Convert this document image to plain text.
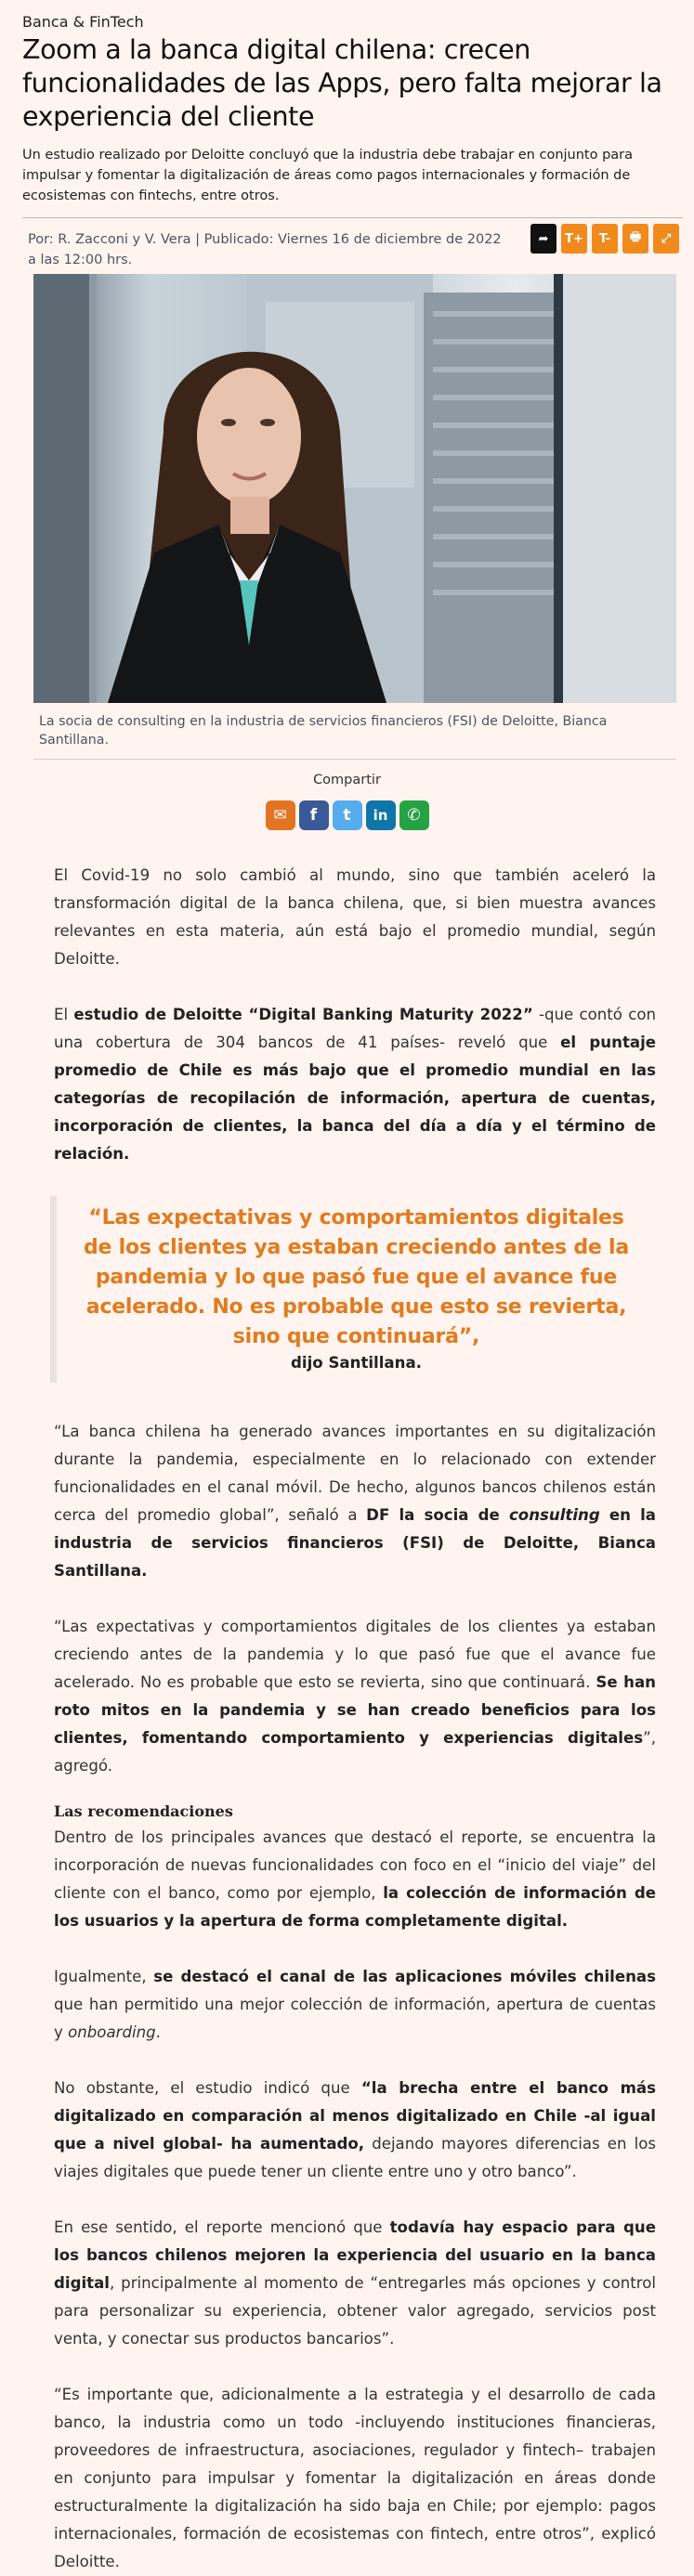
Banca & FinTech
Zoom a la banca digital chilena: crecen funcionalidades de las Apps, pero falta mejorar la experiencia del cliente
Un estudio realizado por Deloitte concluyó que la industria debe trabajar en conjunto para impulsar y fomentar la digitalización de áreas como pagos internacionales y formación de ecosistemas con fintechs, entre otros.
Por: R. Zacconi y V. Vera | Publicado: Viernes 16 de diciembre de 2022
a las 12:00 hrs.
➦	T+	T-	🖶	⤢
La socia de consulting en la industria de servicios financieros (FSI) de Deloitte, Bianca Santillana.
Compartir
✉	f	t	in	✆

El Covid-19 no solo cambió al mundo, sino que también aceleró la transformación digital de la banca chilena, que, si bien muestra avances relevantes en esta materia, aún está bajo el promedio mundial, según Deloitte.

El estudio de Deloitte “Digital Banking Maturity 2022” -que contó con una cobertura de 304 bancos de 41 países- reveló que el puntaje promedio de Chile es más bajo que el promedio mundial en las categorías de recopilación de información, apertura de cuentas, incorporación de clientes, la banca del día a día y el término de relación.

“Las expectativas y comportamientos digitales de los clientes ya estaban creciendo antes de la pandemia y lo que pasó fue que el avance fue acelerado. No es probable que esto se revierta, sino que continuará”,
dijo Santillana.

“La banca chilena ha generado avances importantes en su digitalización durante la pandemia, especialmente en lo relacionado con extender funcionalidades en el canal móvil. De hecho, algunos bancos chilenos están cerca del promedio global”, señaló a DF la socia de consulting en la industria de servicios financieros (FSI) de Deloitte, Bianca Santillana.

“Las expectativas y comportamientos digitales de los clientes ya estaban creciendo antes de la pandemia y lo que pasó fue que el avance fue acelerado. No es probable que esto se revierta, sino que continuará. Se han roto mitos en la pandemia y se han creado beneficios para los clientes, fomentando comportamiento y experiencias digitales”, agregó.

Las recomendaciones

Dentro de los principales avances que destacó el reporte, se encuentra la incorporación de nuevas funcionalidades con foco en el “inicio del viaje” del cliente con el banco, como por ejemplo, la colección de información de los usuarios y la apertura de forma completamente digital.

Igualmente, se destacó el canal de las aplicaciones móviles chilenas que han permitido una mejor colección de información, apertura de cuentas y onboarding.

No obstante, el estudio indicó que “la brecha entre el banco más digitalizado en comparación al menos digitalizado en Chile -al igual que a nivel global- ha aumentado, dejando mayores diferencias en los viajes digitales que puede tener un cliente entre uno y otro banco”.

En ese sentido, el reporte mencionó que todavía hay espacio para que los bancos chilenos mejoren la experiencia del usuario en la banca digital, principalmente al momento de “entregarles más opciones y control para personalizar su experiencia, obtener valor agregado, servicios post venta, y conectar sus productos bancarios”.

“Es importante que, adicionalmente a la estrategia y el desarrollo de cada banco, la industria como un todo -incluyendo instituciones financieras, proveedores de infraestructura, asociaciones, regulador y fintech– trabajen en conjunto para impulsar y fomentar la digitalización en áreas donde estructuralmente la digitalización ha sido baja en Chile; por ejemplo: pagos internacionales, formación de ecosistemas con fintech, entre otros”, explicó Deloitte.
